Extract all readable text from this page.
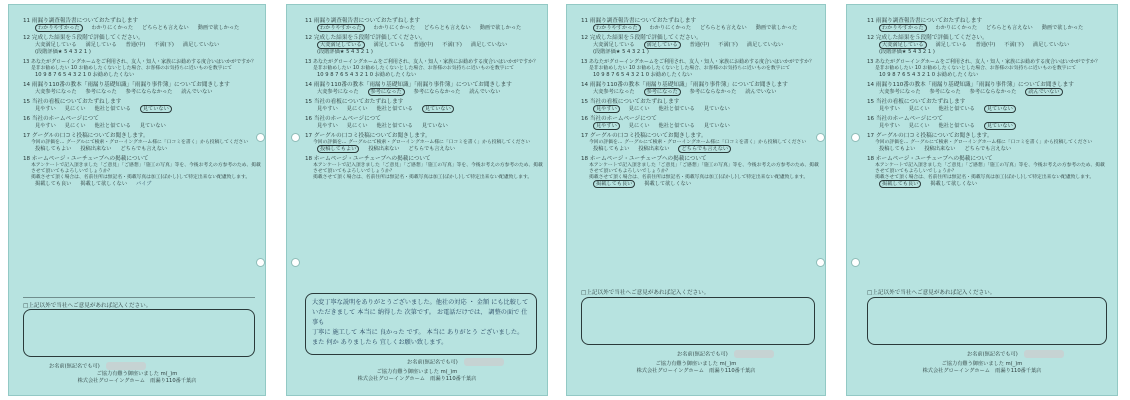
11 雨漏り調査報告書についておたずねします
わかりやすかった わかりにくかった どちらとも言えない 動画で欲しかった
12 完成した結果を５段階で評価してください。
大変満足している 満足している 普通(中) 不満(下) 満足していない
(段階評価★ 5 4 3 2 1 )
13 あなたがグローイングホームをご利用され、友人・知人・家族にお勧めする度合いはいかがですか？
是非お勧めしたい 10 お勧めしたくないとした場合、お客様のお気持ちに近いものを数字にて
10 9 8 7 6 5 4 3 2 1 0 お勧めしたくない
14 雨漏り110番の教本「雨漏り基礎知識」「雨漏り事件簿」についてお聞きします
大変参考になった 参考になった 参考にならなかった 読んでいない
15 当社の看板についておたずねします
見やすい 見にくい 他社と似ている 見ていない
16 当社のホームページにつて
見やすい 見にくい 他社と似ている 見ていない
17 グーグルの口コミ投稿についてお聞きします。
今回の評価を… グーグルにて検索・グローイングホーム様に「口コミを書く」から投稿してください
投稿してもよい 投稿出来ない どちらでも言えない
18 ホームページ・ユーチューブへの掲載について
本アンケートで記入頂きました「ご意見」「ご感想」「施工の写真」等を、今後お考えの方参考のため、掲載
させて頂いてもよろしいでしょうか？
掲載させて頂く場合は、名前住所は無記名・掲載写真は加工(ぼかし)して特定出来ない配慮致します。
掲載しても良い 掲載して欲しくない バイブ
□上記以外で当社へご意見があれば記入ください。
お名前(無記名でも可)
ご協力有難う御座いました m(_)m
株式会社グローイングホーム　 雨漏り110番千葉店
11 雨漏り調査報告書についておたずねします
わかりやすかった わかりにくかった どちらとも言えない 動画で欲しかった
12 完成した結果を５段階で評価してください。
大変満足している 満足している 普通(中) 不満(下) 満足していない
(段階評価★ 5 4 3 2 1 )
13 あなたがグローイングホームをご利用され、友人・知人・家族にお勧めする度合いはいかがですか？
是非お勧めしたい 10 お勧めしたくないとした場合、お客様のお気持ちに近いものを数字にて
10 9 8 7 6 5 4 3 2 1 0 お勧めしたくない
14 雨漏り110番の教本「雨漏り基礎知識」「雨漏り事件簿」についてお聞きします
大変参考になった 参考になった 参考にならなかった 読んでいない
15 当社の看板についておたずねします
見やすい 見にくい 他社と似ている 見ていない
16 当社のホームページにつて
見やすい 見にくい 他社と似ている 見ていない
17 グーグルの口コミ投稿についてお聞きします。
今回の評価を… グーグルにて検索・グローイングホーム様に「口コミを書く」から投稿してください
投稿してもよい 投稿出来ない どちらでも言えない
18 ホームページ・ユーチューブへの掲載について
本アンケートで記入頂きました「ご意見」「ご感想」「施工の写真」等を、今後お考えの方参考のため、掲載
させて頂いてもよろしいでしょうか？
掲載させて頂く場合は、名前住所は無記名・掲載写真は加工(ぼかし)して特定出来ない配慮致します。
大変丁寧な説明をありがとうございました。他社の対応 ・ 金額 にも比較して
いただきまして 本当に 納得した 次第です。 お電話だけでは、 調整の面で 仕事も
丁寧に 施工して 本当に 良かった です。 本当に ありがとう ございました。
また 何か ありましたら 宜しくお願い致します。
お名前(無記名でも可)
ご協力有難う御座いました m(_)m
株式会社グローイングホーム　 雨漏り110番千葉店
11 雨漏り調査報告書についておたずねします
わかりやすかった わかりにくかった どちらとも言えない 動画で欲しかった
12 完成した結果を５段階で評価してください。
大変満足している 満足している 普通(中) 不満(下) 満足していない
(段階評価★ 5 4 3 2 1 )
13 あなたがグローイングホームをご利用され、友人・知人・家族にお勧めする度合いはいかがですか？
是非お勧めしたい 10 お勧めしたくないとした場合、お客様のお気持ちに近いものを数字にて
10 9 8 7 6 5 4 3 2 1 0 お勧めしたくない
14 雨漏り110番の教本「雨漏り基礎知識」「雨漏り事件簿」についてお聞きします
大変参考になった 参考になった 参考にならなかった 読んでいない
15 当社の看板についておたずねします
見やすい 見にくい 他社と似ている 見ていない
16 当社のホームページにつて
見やすい 見にくい 他社と似ている 見ていない
17 グーグルの口コミ投稿についてお聞きします。
今回の評価を… グーグルにて検索・グローイングホーム様に「口コミを書く」から投稿してください
投稿してもよい 投稿出来ない どちらでも言えない
18 ホームページ・ユーチューブへの掲載について
本アンケートで記入頂きました「ご意見」「ご感想」「施工の写真」等を、今後お考えの方参考のため、掲載
させて頂いてもよろしいでしょうか？
掲載させて頂く場合は、名前住所は無記名・掲載写真は加工(ぼかし)して特定出来ない配慮致します。
掲載しても良い 掲載して欲しくない
□上記以外で当社へご意見があれば記入ください。
お名前(無記名でも可)
ご協力有難う御座いました m(_)m
株式会社グローイングホーム　 雨漏り110番千葉店
11 雨漏り調査報告書についておたずねします
わかりやすかった わかりにくかった どちらとも言えない 動画で欲しかった
12 完成した結果を５段階で評価してください。
大変満足している 満足している 普通(中) 不満(下) 満足していない
(段階評価★ 5 4 3 2 1 )
13 あなたがグローイングホームをご利用され、友人・知人・家族にお勧めする度合いはいかがですか？
是非お勧めしたい 10 お勧めしたくないとした場合、お客様のお気持ちに近いものを数字にて
10 9 8 7 6 5 4 3 2 1 0 お勧めしたくない
14 雨漏り110番の教本「雨漏り基礎知識」「雨漏り事件簿」についてお聞きします
大変参考になった 参考になった 参考にならなかった 読んでいない
15 当社の看板についておたずねします
見やすい 見にくい 他社と似ている 見ていない
16 当社のホームページにつて
見やすい 見にくい 他社と似ている 見ていない
17 グーグルの口コミ投稿についてお聞きします。
今回の評価を… グーグルにて検索・グローイングホーム様に「口コミを書く」から投稿してください
投稿してもよい 投稿出来ない どちらでも言えない
18 ホームページ・ユーチューブへの掲載について
本アンケートで記入頂きました「ご意見」「ご感想」「施工の写真」等を、今後お考えの方参考のため、掲載
させて頂いてもよろしいでしょうか？
掲載させて頂く場合は、名前住所は無記名・掲載写真は加工(ぼかし)して特定出来ない配慮致します。
掲載しても良い 掲載して欲しくない
□上記以外で当社へご意見があれば記入ください。
お名前(無記名でも可)
ご協力有難う御座いました m(_)m
株式会社グローイングホーム　 雨漏り110番千葉店
